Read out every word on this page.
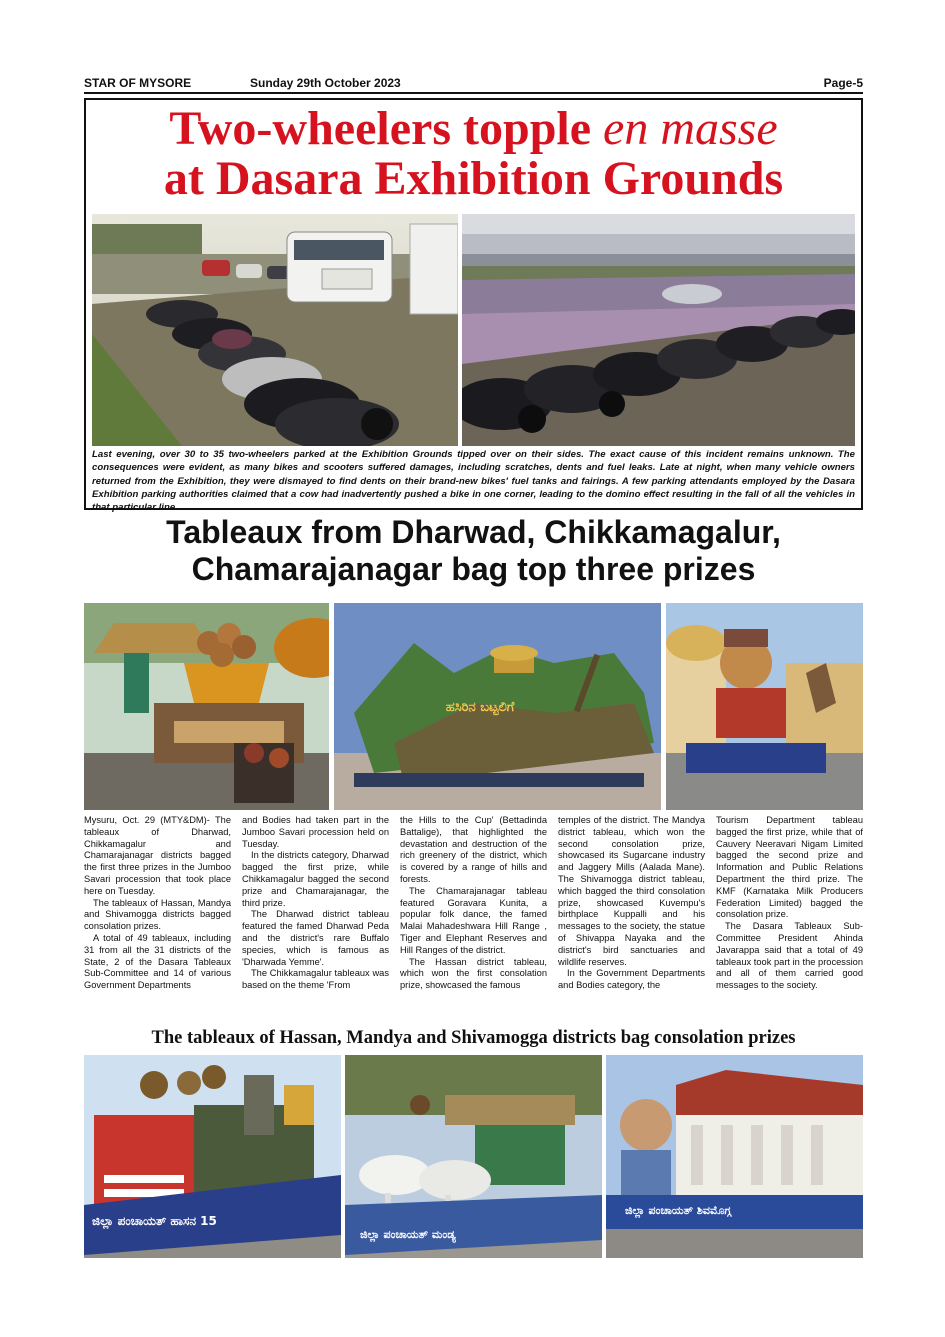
STAR OF MYSORE	Sunday 29th October 2023	Page-5
Two-wheelers topple en masse
at Dasara Exhibition Grounds
Last evening, over 30 to 35 two-wheelers parked at the Exhibition Grounds tipped over on their sides. The exact cause of this incident remains unknown. The consequences were evident, as many bikes and scooters suffered damages, including scratches, dents and fuel leaks. Late at night, when many vehicle owners returned from the Exhibition, they were dismayed to find dents on their brand-new bikes' fuel tanks and fairings. A few parking attendants employed by the Dasara Exhibition parking authorities claimed that a cow had inadvertently pushed a bike in one corner, leading to the domino effect resulting in the fall of all the vehicles in that particular line.
Tableaux from Dharwad, Chikkamagalur,
Chamarajanagar bag top three prizes
ಹಸಿರಿನ ಬಟ್ಟಲಿಗೆ

Mysuru, Oct. 29 (MTY&DM)- The tableaux of Dharwad, Chikkamagalur and Chamarajanagar districts bagged the first three prizes in the Jumboo Savari procession that took place here on Tuesday.

The tableaux of Hassan, Mandya and Shivamogga districts bagged consolation prizes.

A total of 49 tableaux, including 31 from all the 31 districts of the State, 2 of the Dasara Tableaux Sub-Committee and 14 of various Government Departments

and Bodies had taken part in the Jumboo Savari procession held on Tuesday.

In the districts category, Dharwad bagged the first prize, while Chikkamagalur bagged the second prize and Chamarajanagar, the third prize.

The Dharwad district tableau featured the famed Dharwad Peda and the district's rare Buffalo species, which is famous as 'Dharwada Yemme'.

The Chikkamagalur tableaux was based on the theme 'From

the Hills to the Cup' (Bettadinda Battalige), that highlighted the devastation and destruction of the rich greenery of the district, which is covered by a range of hills and forests.

The Chamarajanagar tableau featured Goravara Kunita, a popular folk dance, the famed Malai Mahadeshwara Hill Range , Tiger and Elephant Reserves and Hill Ranges of the district.

The Hassan district tableau, which won the first consolation prize, showcased the famous

temples of the district. The Mandya district tableau, which won the second consolation prize, showcased its Sugarcane industry and Jaggery Mills (Aalada Mane). The Shivamogga district tableau, which bagged the third consolation prize, showcased Kuvempu's birthplace Kuppalli and his messages to the society, the statue of Shivappa Nayaka and the district's bird sanctuaries and wildlife reserves.

In the Government Departments and Bodies category, the

Tourism Department tableau bagged the first prize, while that of Cauvery Neeravari Nigam Limited bagged the second prize and Information and Public Relations Department the third prize. The KMF (Karnataka Milk Producers Federation Limited) bagged the consolation prize.

The Dasara Tableaux Sub-Committee President Ahinda Javarappa said that a total of 49 tableaux took part in the procession and all of them carried good messages to the society.

The tableaux of Hassan, Mandya and Shivamogga districts bag consolation prizes
ಜಿಲ್ಲಾ ಪಂಚಾಯತ್ ಹಾಸನ 15
ಜಿಲ್ಲಾ ಪಂಚಾಯತ್ ಮಂಡ್ಯ
ಜಿಲ್ಲಾ ಪಂಚಾಯತ್ ಶಿವಮೊಗ್ಗ
